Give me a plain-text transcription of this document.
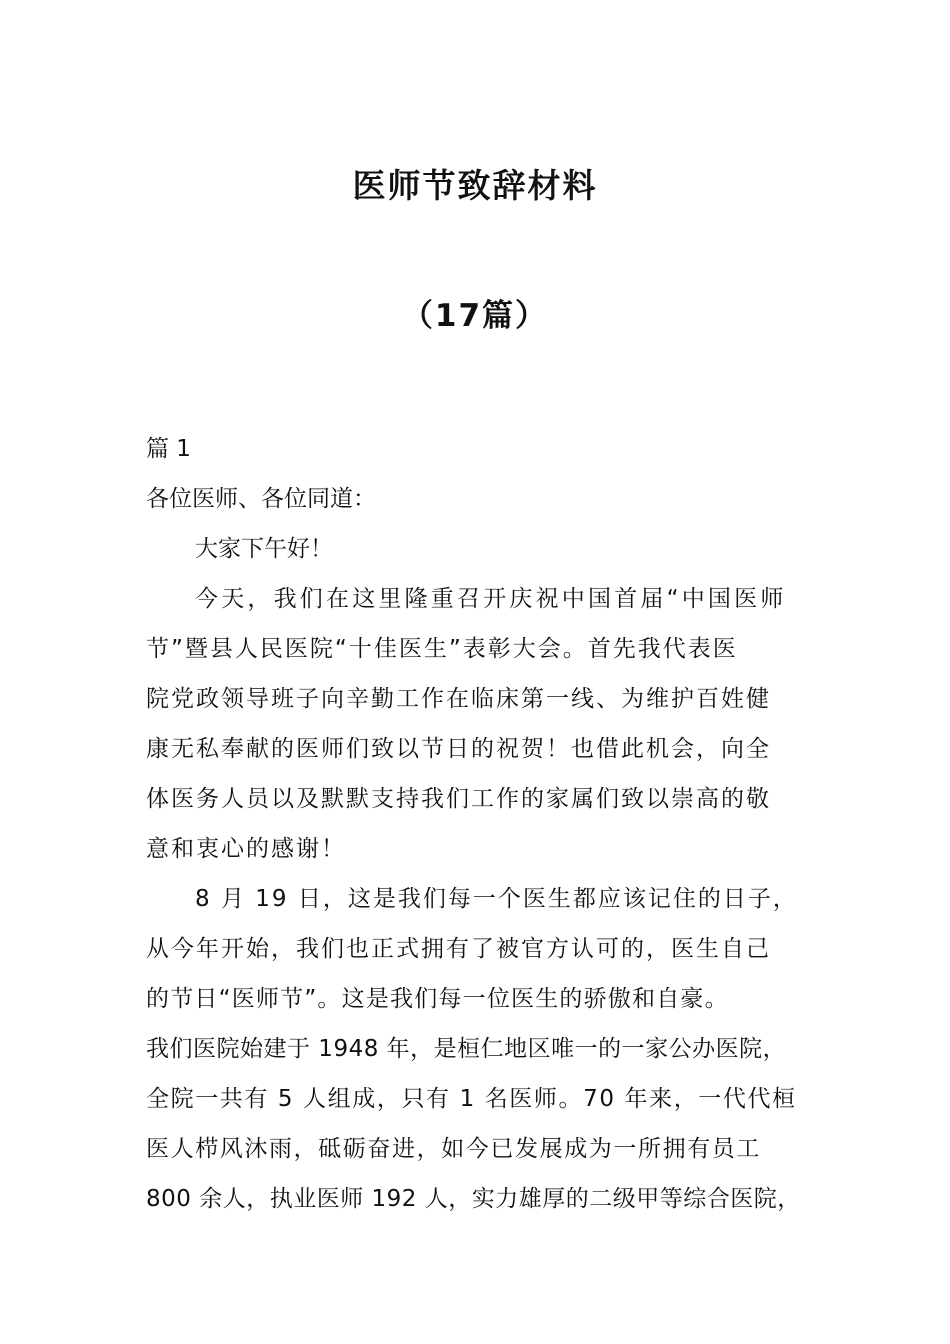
医师节致辞材料
（17篇）
篇 1
各位医师、各位同道：
大家下午好！
今天，我们在这里隆重召开庆祝中国首届“中国医师
节”暨县人民医院“十佳医生”表彰大会。首先我代表医
院党政领导班子向辛勤工作在临床第一线、为维护百姓健
康无私奉献的医师们致以节日的祝贺！也借此机会，向全
体医务人员以及默默支持我们工作的家属们致以崇高的敬
意和衷心的感谢！
8 月 19 日，这是我们每一个医生都应该记住的日子，
从今年开始，我们也正式拥有了被官方认可的，医生自己
的节日“医师节”。这是我们每一位医生的骄傲和自豪。
我们医院始建于 1948 年，是桓仁地区唯一的一家公办医院，
全院一共有 5 人组成，只有 1 名医师。70 年来，一代代桓
医人栉风沐雨，砥砺奋进，如今已发展成为一所拥有员工
800 余人，执业医师 192 人，实力雄厚的二级甲等综合医院，
